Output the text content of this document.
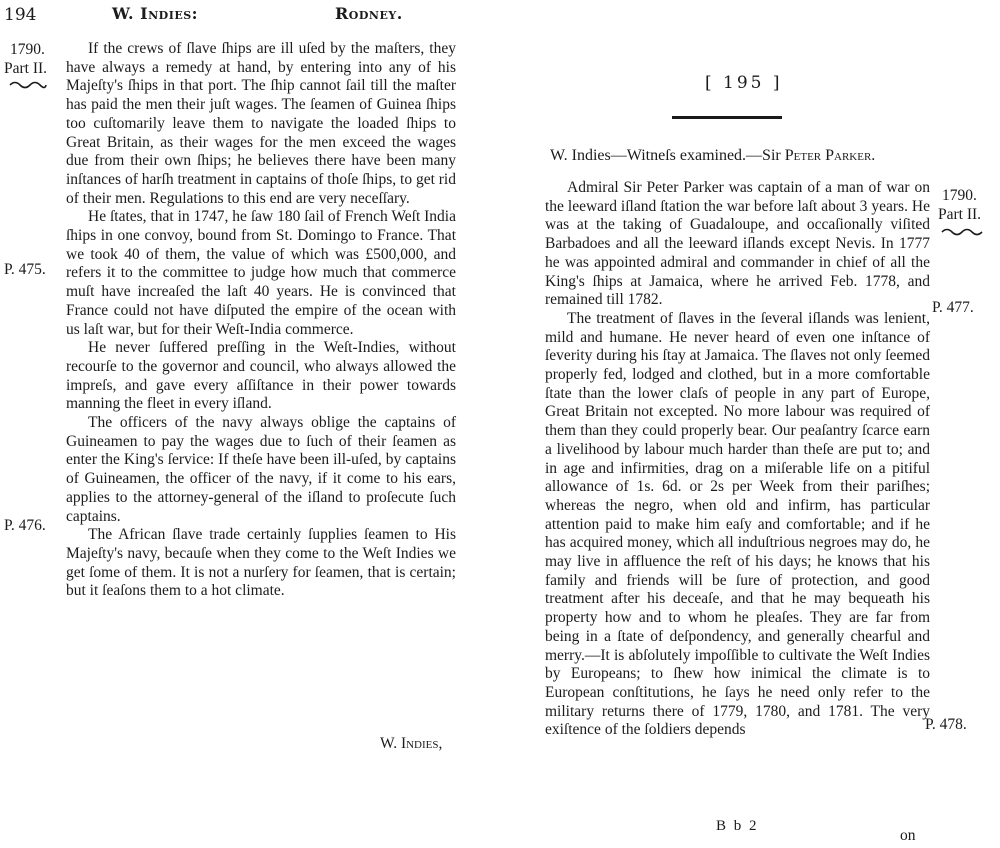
194	W. Indies:	Rodney.
1790.
Part II.
P. 475.
P. 476.

If the crews of ſlave ſhips are ill uſed by the maſters, they have always a remedy at hand, by entering into any of his Majeſty's ſhips in that port. The ſhip cannot ſail till the maſter has paid the men their juſt wages. The ſeamen of Guinea ſhips too cuſtomarily leave them to navigate the loaded ſhips to Great Britain, as their wages for the men exceed the wages due from their own ſhips; he believes there have been many inſtances of harſh treatment in captains of thoſe ſhips, to get rid of their men. Regulations to this end are very neceſſary.

He ſtates, that in 1747, he ſaw 180 ſail of French Weſt India ſhips in one convoy, bound from St. Domingo to France. That we took 40 of them, the value of which was £500,000, and refers it to the committee to judge how much that commerce muſt have increaſed the laſt 40 years. He is convinced that France could not have diſputed the empire of the ocean with us laſt war, but for their Weſt-India commerce.

He never ſuffered preſſing in the Weſt-Indies, without recourſe to the governor and council, who always allowed the impreſs, and gave every aſſiſtance in their power towards manning the fleet in every iſland.

The officers of the navy always oblige the captains of Guineamen to pay the wages due to ſuch of their ſeamen as enter the King's ſervice: If theſe have been ill-uſed, by captains of Guineamen, the officer of the navy, if it come to his ears, applies to the attorney-general of the iſland to proſecute ſuch captains.

The African ſlave trade certainly ſupplies ſeamen to His Majeſty's navy, becauſe when they come to the Weſt Indies we get ſome of them. It is not a nurſery for ſeamen, that is certain; but it ſeaſons them to a hot climate.

W. Indies,
[ 195 ]
W. Indies—Witneſs examined.—Sir Peter Parker.
1790.
Part II.
P. 477.
P. 478.

Admiral Sir Peter Parker was captain of a man of war on the leeward iſland ſtation the war before laſt about 3 years. He was at the taking of Guadaloupe, and occaſionally viſited Barbadoes and all the leeward iſlands except Nevis. In 1777 he was appointed admiral and commander in chief of all the King's ſhips at Jamaica, where he arrived Feb. 1778, and remained till 1782.

The treatment of ſlaves in the ſeveral iſlands was lenient, mild and humane. He never heard of even one inſtance of ſeverity during his ſtay at Jamaica. The ſlaves not only ſeemed properly fed, lodged and clothed, but in a more comfortable ſtate than the lower claſs of people in any part of Europe, Great Britain not excepted. No more labour was required of them than they could properly bear. Our peaſantry ſcarce earn a livelihood by labour much harder than theſe are put to; and in age and infirmities, drag on a miſerable life on a pitiful allowance of 1s. 6d. or 2s per Week from their pariſhes; whereas the negro, when old and infirm, has particular attention paid to make him eaſy and comfortable; and if he has acquired money, which all induſtrious negroes may do, he may live in affluence the reſt of his days; he knows that his family and friends will be ſure of protection, and good treatment after his deceaſe, and that he may bequeath his property how and to whom he pleaſes. They are far from being in a ſtate of deſpondency, and generally chearful and merry.—It is abſolutely impoſſible to cultivate the Weſt Indies by Europeans; to ſhew how inimical the climate is to European conſtitutions, he ſays he need only refer to the military returns there of 1779, 1780, and 1781. The very exiſtence of the ſoldiers depends

B b 2
on
